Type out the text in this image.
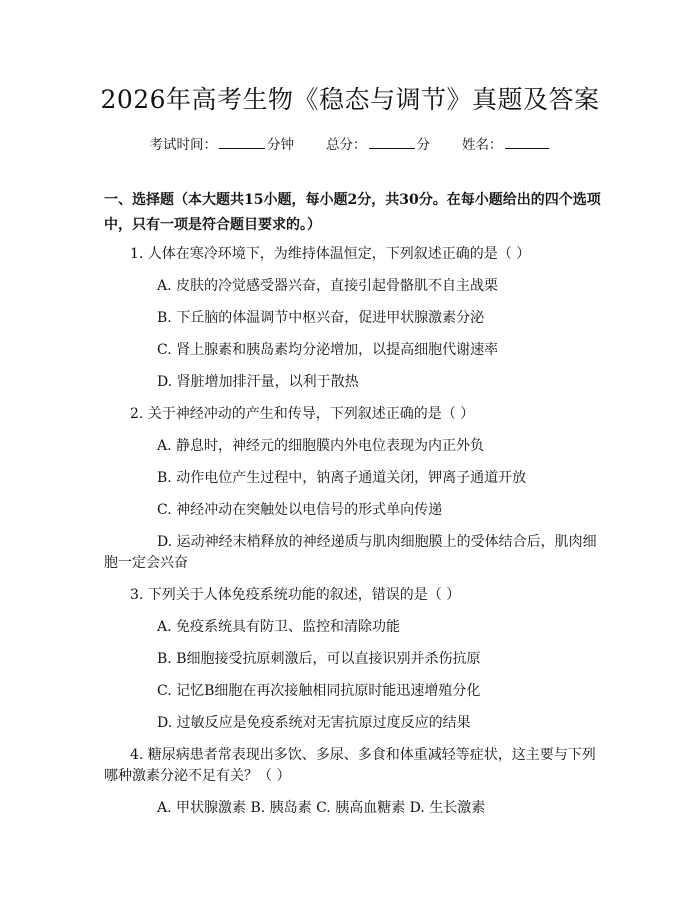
2026年高考生物《稳态与调节》真题及答案
考试时间：	分钟 总分：	分 姓名：
一、选择题（本大题共15小题，每小题2分，共30分。在每小题给出的四个选项中，只有一项是符合题目要求的。）
1. 人体在寒冷环境下，为维持体温恒定，下列叙述正确的是（ ）
A. 皮肤的冷觉感受器兴奋，直接引起骨骼肌不自主战栗
B. 下丘脑的体温调节中枢兴奋，促进甲状腺激素分泌
C. 肾上腺素和胰岛素均分泌增加，以提高细胞代谢速率
D. 肾脏增加排汗量，以利于散热
2. 关于神经冲动的产生和传导，下列叙述正确的是（ ）
A. 静息时，神经元的细胞膜内外电位表现为内正外负
B. 动作电位产生过程中，钠离子通道关闭，钾离子通道开放
C. 神经冲动在突触处以电信号的形式单向传递
D. 运动神经末梢释放的神经递质与肌肉细胞膜上的受体结合后，肌肉细
胞一定会兴奋
3. 下列关于人体免疫系统功能的叙述，错误的是（ ）
A. 免疫系统具有防卫、监控和清除功能
B. B细胞接受抗原刺激后，可以直接识别并杀伤抗原
C. 记忆B细胞在再次接触相同抗原时能迅速增殖分化
D. 过敏反应是免疫系统对无害抗原过度反应的结果
4. 糖尿病患者常表现出多饮、多尿、多食和体重减轻等症状，这主要与下列
哪种激素分泌不足有关？（ ）
A. 甲状腺激素 B. 胰岛素 C. 胰高血糖素 D. 生长激素
